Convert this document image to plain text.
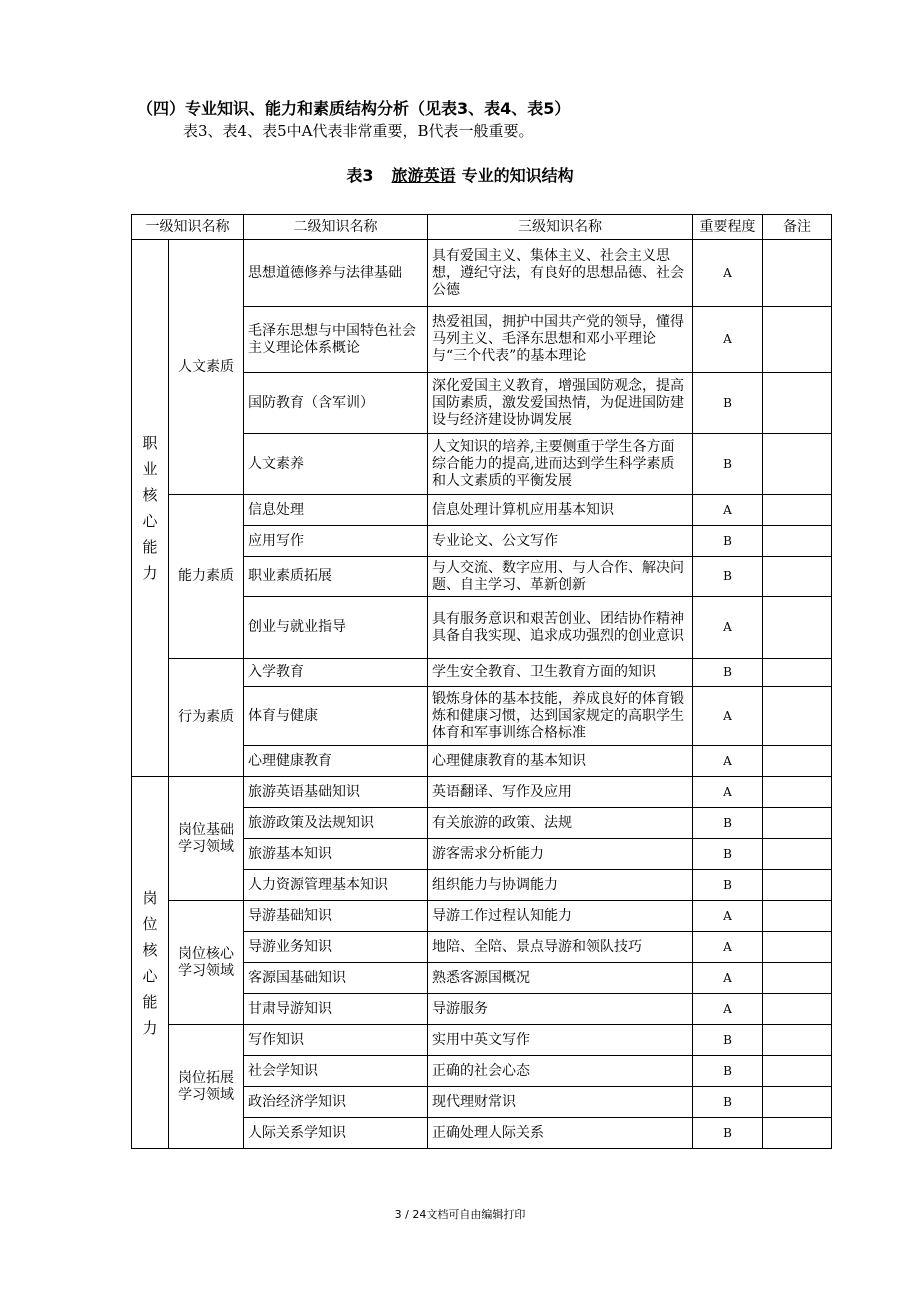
（四）专业知识、能力和素质结构分析（见表3、表4、表5）
表3、表4、表5中A代表非常重要，B代表一般重要。
表3 旅游英语 专业的知识结构
一级知识名称		二级知识名称	三级知识名称	重要程度	备注

职业核心能力	人文素质	思想道德修养与法律基础	具有爱国主义、集体主义、社会主义思想，遵纪守法，有良好的思想品德、社会公德	A	
		毛泽东思想与中国特色社会主义理论体系概论	热爱祖国，拥护中国共产党的领导，懂得马列主义、毛泽东思想和邓小平理论与“三个代表”的基本理论	A	
		国防教育（含军训）	深化爱国主义教育，增强国防观念，提高国防素质，激发爱国热情，为促进国防建设与经济建设协调发展	B	
		人文素养	人文知识的培养,主要侧重于学生各方面综合能力的提高,进而达到学生科学素质和人文素质的平衡发展	B	
	能力素质	信息处理	信息处理计算机应用基本知识	A	
		应用写作	专业论文、公文写作	B	
		职业素质拓展	与人交流、数字应用、与人合作、解决问题、自主学习、革新创新	B	
		创业与就业指导	具有服务意识和艰苦创业、团结协作精神具备自我实现、追求成功强烈的创业意识	A	
	行为素质	入学教育	学生安全教育、卫生教育方面的知识	B	
		体育与健康	锻炼身体的基本技能，养成良好的体育锻炼和健康习惯，达到国家规定的高职学生体育和军事训练合格标准	A	
		心理健康教育	心理健康教育的基本知识	A	

岗位核心能力	岗位基础学习领域	旅游英语基础知识	英语翻译、写作及应用	A	
		旅游政策及法规知识	有关旅游的政策、法规	B	
		旅游基本知识	游客需求分析能力	B	
		人力资源管理基本知识	组织能力与协调能力	B	
	岗位核心学习领域	导游基础知识	导游工作过程认知能力	A	
		导游业务知识	地陪、全陪、景点导游和领队技巧	A	
		客源国基础知识	熟悉客源国概况	A	
		甘肃导游知识	导游服务	A	
	岗位拓展学习领域	写作知识	实用中英文写作	B	
		社会学知识	正确的社会心态	B	
		政治经济学知识	现代理财常识	B	
		人际关系学知识	正确处理人际关系	B	
3 / 24文档可自由编辑打印
